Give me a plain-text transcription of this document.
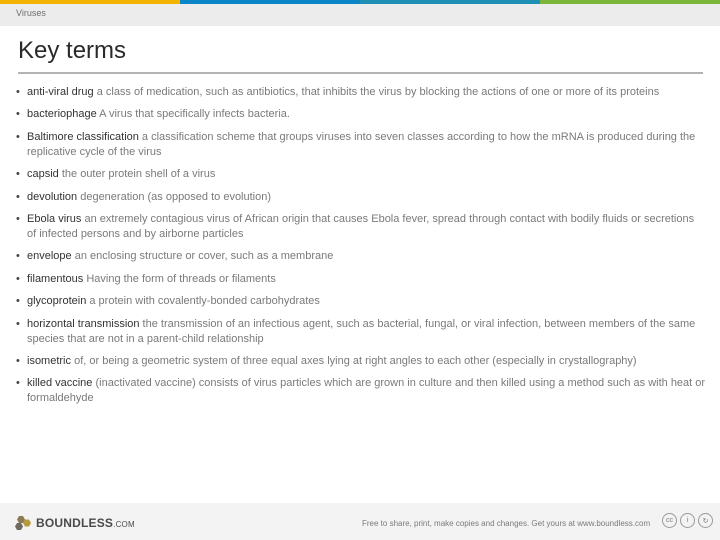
Viruses
Key terms
• anti-viral drug a class of medication, such as antibiotics, that inhibits the virus by blocking the actions of one or more of its proteins
• bacteriophage A virus that specifically infects bacteria.
• Baltimore classification a classification scheme that groups viruses into seven classes according to how the mRNA is produced during the replicative cycle of the virus
• capsid the outer protein shell of a virus
• devolution degeneration (as opposed to evolution)
• Ebola virus an extremely contagious virus of African origin that causes Ebola fever, spread through contact with bodily fluids or secretions of infected persons and by airborne particles
• envelope an enclosing structure or cover, such as a membrane
• filamentous Having the form of threads or filaments
• glycoprotein a protein with covalently-bonded carbohydrates
• horizontal transmission the transmission of an infectious agent, such as bacterial, fungal, or viral infection, between members of the same species that are not in a parent-child relationship
• isometric of, or being a geometric system of three equal axes lying at right angles to each other (especially in crystallography)
• killed vaccine (inactivated vaccine) consists of virus particles which are grown in culture and then killed using a method such as with heat or formaldehyde
BOUNDLESS.COM	Free to share, print, make copies and changes. Get yours at www.boundless.com	cc	i	↻
